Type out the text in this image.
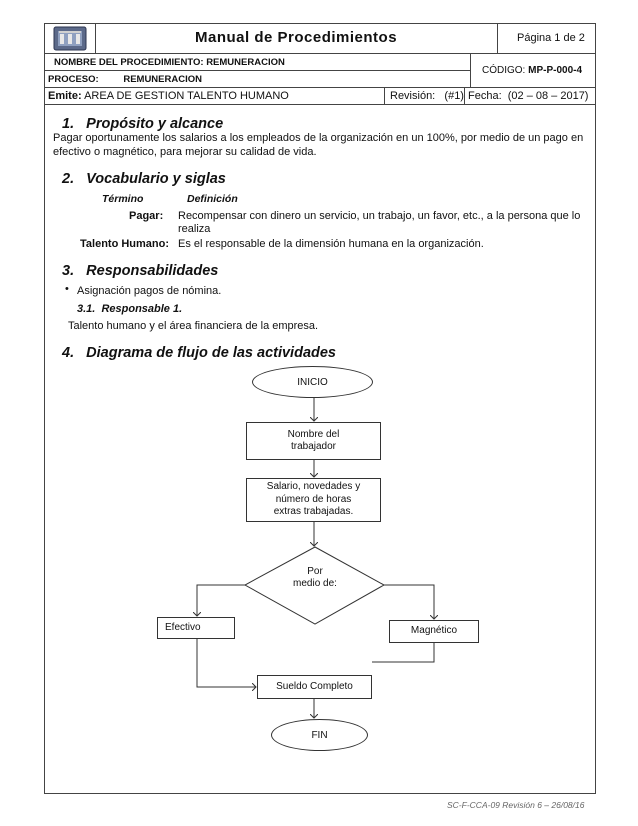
Manual de Procedimientos	Página 1 de 2
NOMBRE DEL PROCEDIMIENTO: REMUNERACION
PROCESO:	REMUNERACION
CÓDIGO: MP-P-000-4
Emite: AREA DE GESTION TALENTO HUMANO	Revisión:   (#1) Fecha:  (02 – 08 – 2017)
1.   Propósito y alcance
Pagar oportunamente los salarios a los empleados de la organización en un 100%, por medio de un pago en
efectivo o magnético, para mejorar su calidad de vida.
2.   Vocabulario y siglas
Término	Definición
Pagar: Recompensar con dinero un servicio, un trabajo, un favor, etc., a la persona que lo
realiza
Talento Humano: Es el responsable de la dimensión humana en la organización.
3.   Responsabilidades
• Asignación pagos de nómina.
3.1.  Responsable 1.
Talento humano y el área financiera de la empresa.
4.   Diagrama de flujo de las actividades
INICIO
Nombre del
trabajador
Salario, novedades y
número de horas
extras trabajadas.
Por
medio de:
Efectivo	Magnético
Sueldo Completo
FIN
SC-F-CCA-09 Revisión 6 – 26/08/16
